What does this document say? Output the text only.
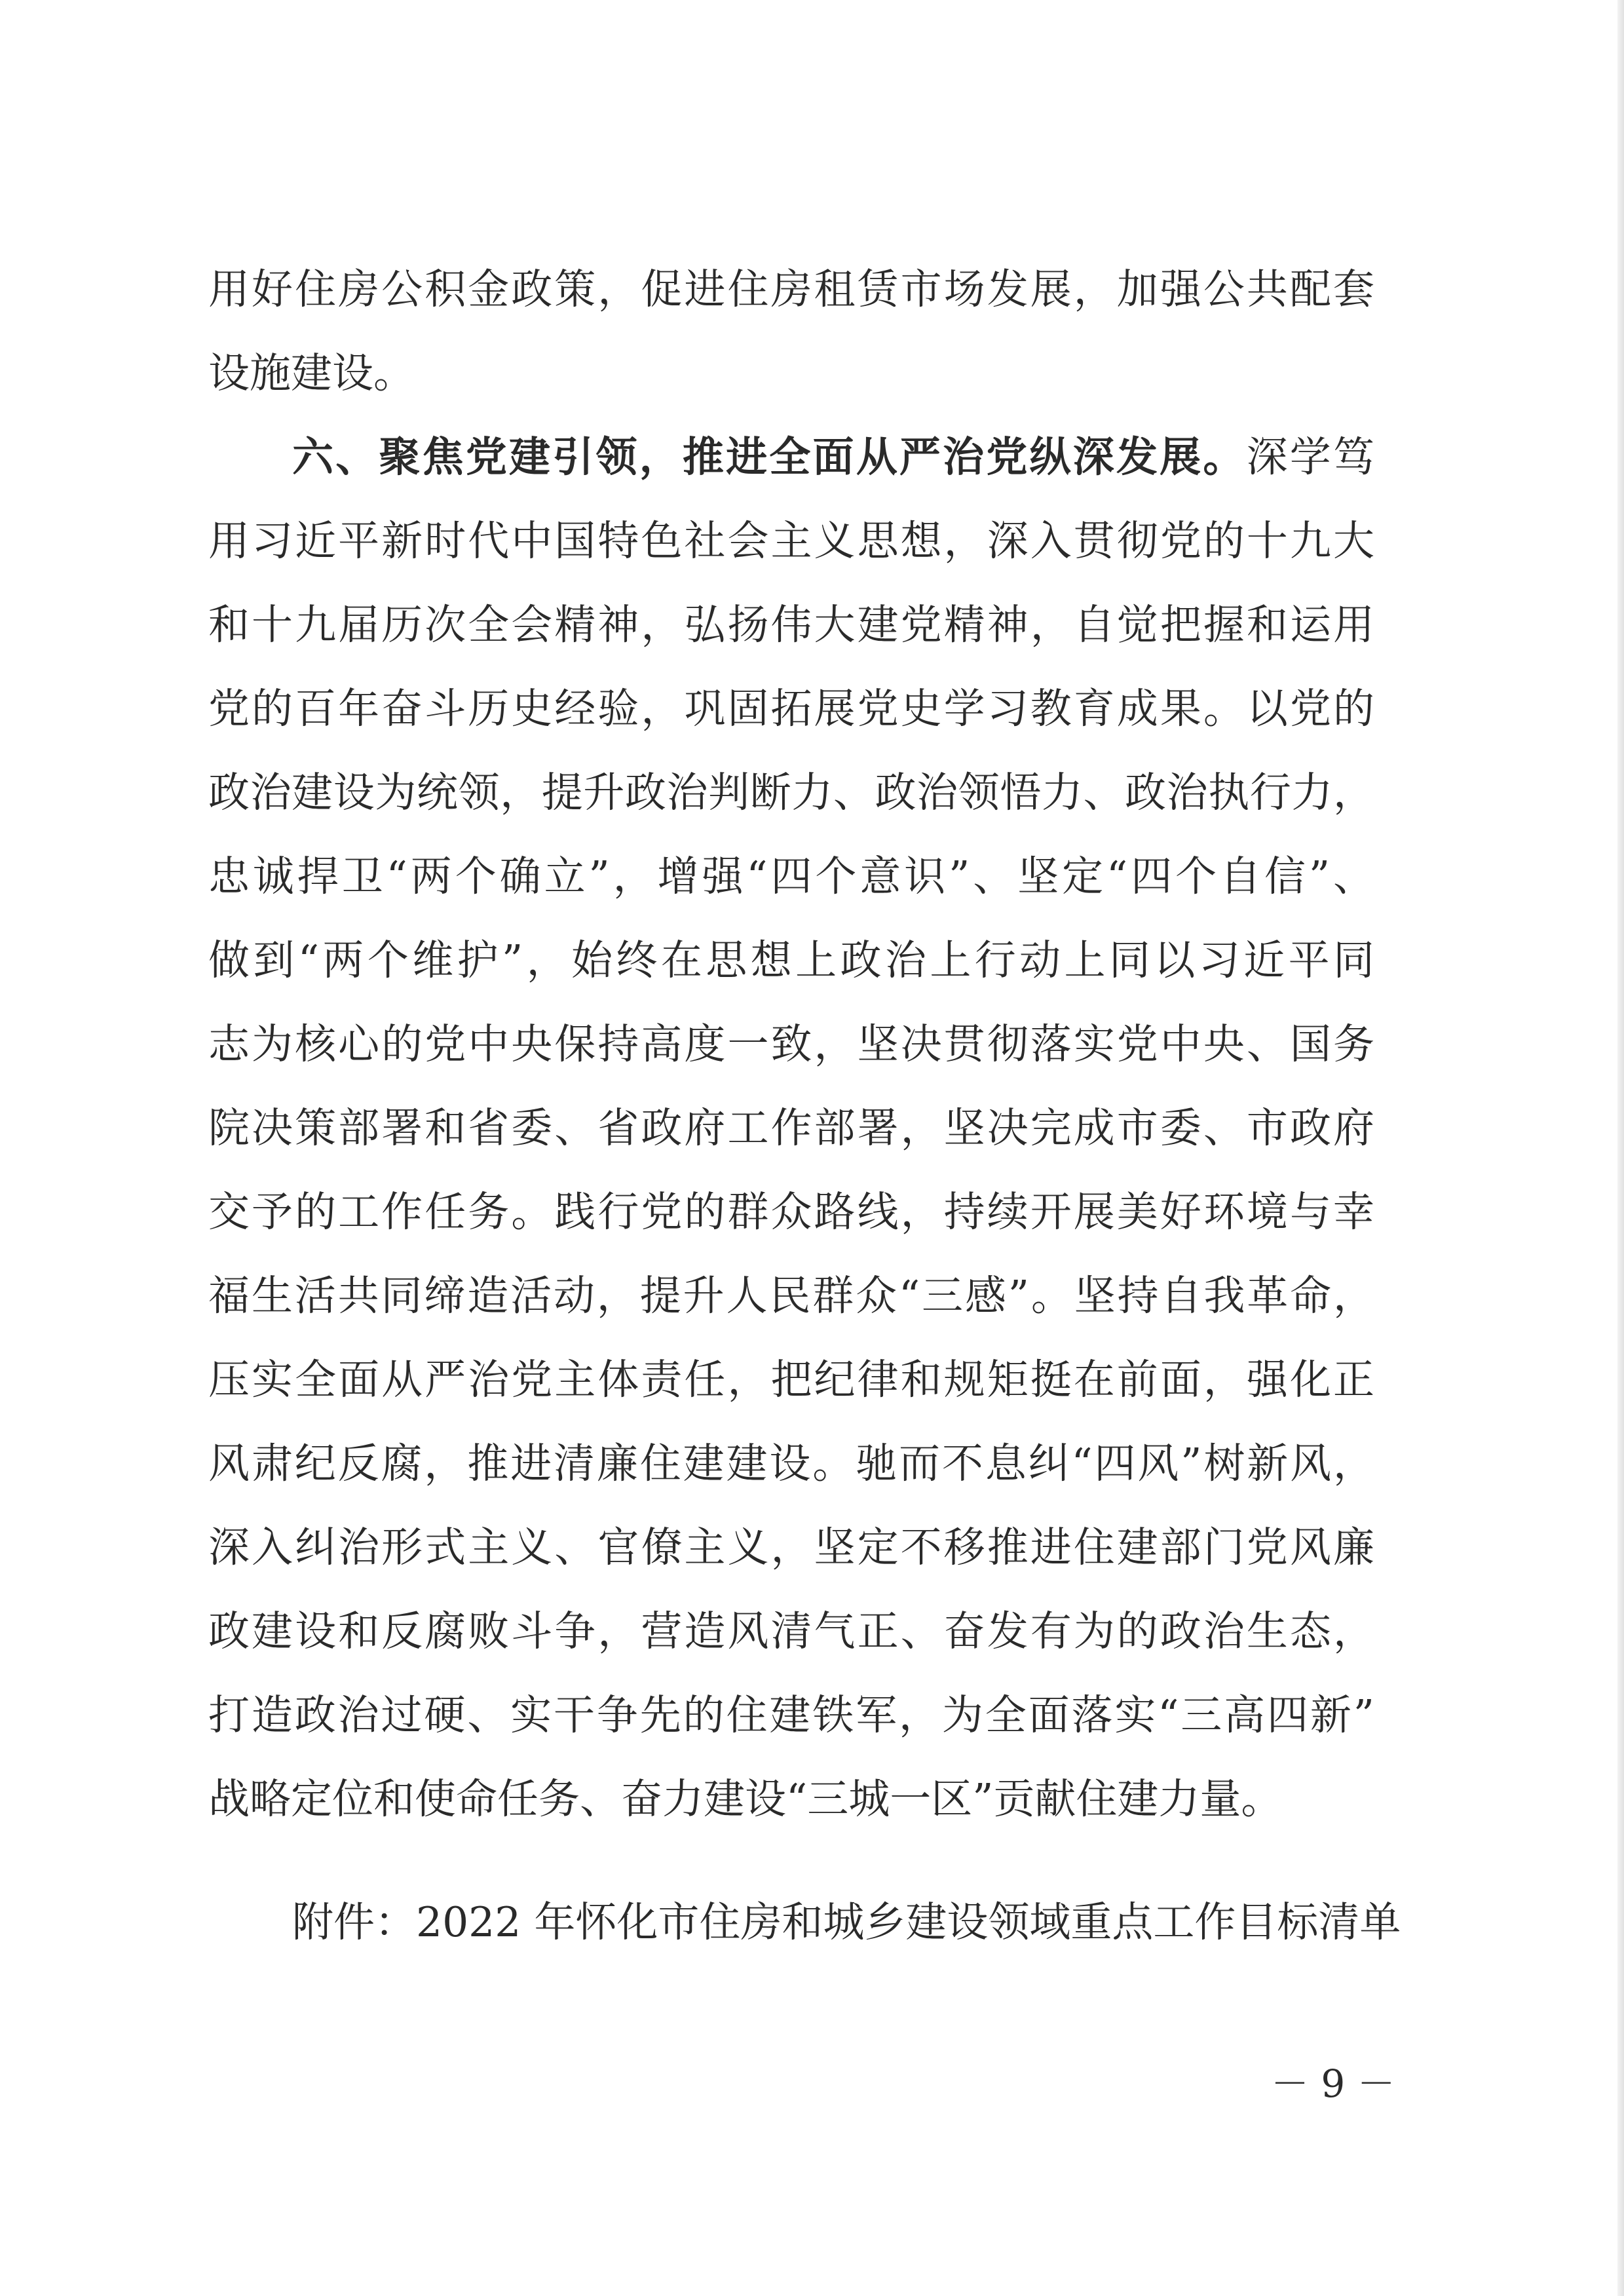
用好住房公积金政策，促进住房租赁市场发展，加强公共配套
设施建设。
六、聚焦党建引领，推进全面从严治党纵深发展。深学笃
用习近平新时代中国特色社会主义思想，深入贯彻党的十九大
和十九届历次全会精神，弘扬伟大建党精神，自觉把握和运用
党的百年奋斗历史经验，巩固拓展党史学习教育成果。以党的
政治建设为统领，提升政治判断力、政治领悟力、政治执行力，
忠诚捍卫“两个确立”，增强“四个意识”、坚定“四个自信”、
做到“两个维护”，始终在思想上政治上行动上同以习近平同
志为核心的党中央保持高度一致，坚决贯彻落实党中央、国务
院决策部署和省委、省政府工作部署，坚决完成市委、市政府
交予的工作任务。践行党的群众路线，持续开展美好环境与幸
福生活共同缔造活动，提升人民群众“三感”。坚持自我革命，
压实全面从严治党主体责任，把纪律和规矩挺在前面，强化正
风肃纪反腐，推进清廉住建建设。驰而不息纠“四风”树新风，
深入纠治形式主义、官僚主义，坚定不移推进住建部门党风廉
政建设和反腐败斗争，营造风清气正、奋发有为的政治生态，
打造政治过硬、实干争先的住建铁军，为全面落实“三高四新”
战略定位和使命任务、奋力建设“三城一区”贡献住建力量。
附件：2022 年怀化市住房和城乡建设领域重点工作目标清单
－ 9 －
